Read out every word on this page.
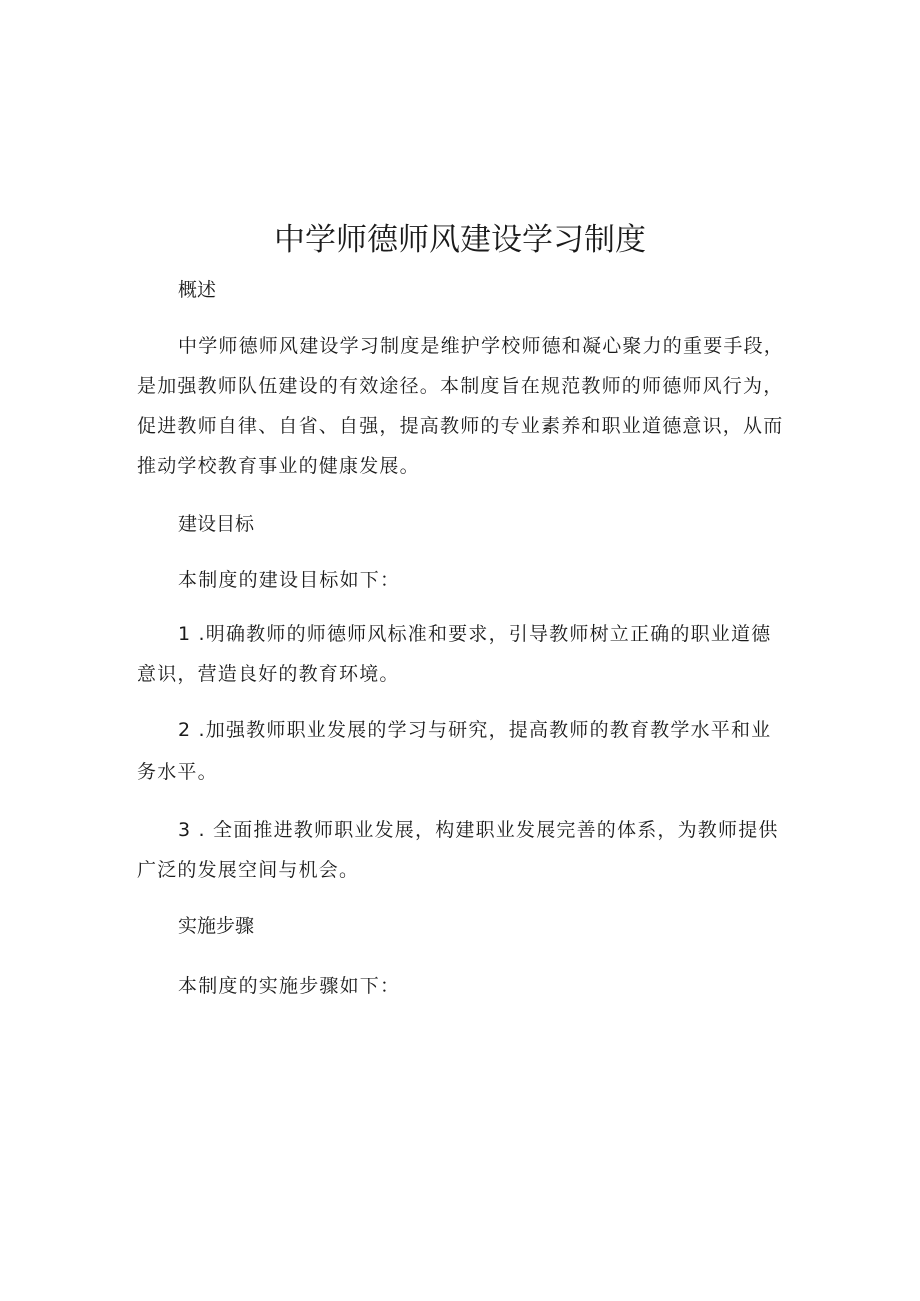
中学师德师风建设学习制度

概述

中学师德师风建设学习制度是维护学校师德和凝心聚力的重要手段，

是加强教师队伍建设的有效途径。本制度旨在规范教师的师德师风行为，

促进教师自律、自省、自强，提高教师的专业素养和职业道德意识，从而

推动学校教育事业的健康发展。

建设目标

本制度的建设目标如下：

1 .明确教师的师德师风标准和要求，引导教师树立正确的职业道德

意识，营造良好的教育环境。

2 .加强教师职业发展的学习与研究，提高教师的教育教学水平和业

务水平。

3 . 全面推进教师职业发展，构建职业发展完善的体系，为教师提供

广泛的发展空间与机会。

实施步骤

本制度的实施步骤如下：
